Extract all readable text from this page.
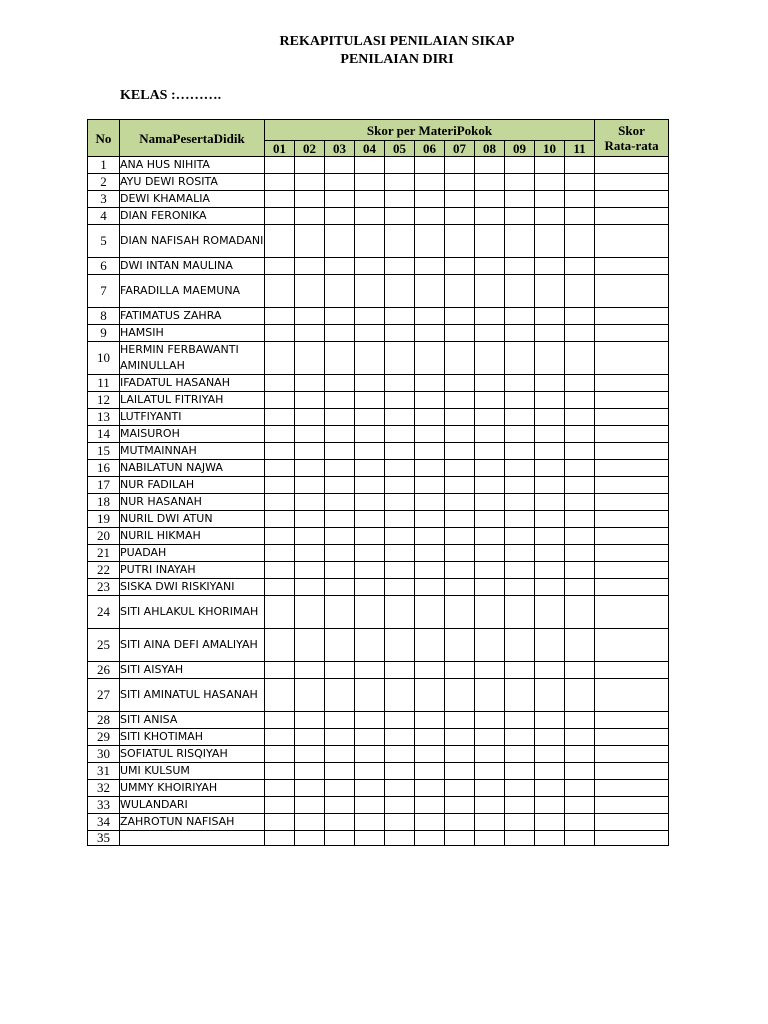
REKAPITULASI PENILAIAN SIKAP
PENILAIAN DIRI
KELAS :……….
No	NamaPesertaDidik	Skor per MateriPokok											Skor
Rata-rata
		01	02	03	04	05	06	07	08	09	10	11	
1	ANA HUS NIHITA												
2	AYU DEWI ROSITA												
3	DEWI KHAMALIA												
4	DIAN FERONIKA												
5	DIAN NAFISAH ROMADANI												
6	DWI INTAN MAULINA												
7	FARADILLA MAEMUNA												
8	FATIMATUS ZAHRA												
9	HAMSIH												
10	HERMIN FERBAWANTI AMINULLAH												
11	IFADATUL HASANAH												
12	LAILATUL FITRIYAH												
13	LUTFIYANTI												
14	MAISUROH												
15	MUTMAINNAH												
16	NABILATUN NAJWA												
17	NUR FADILAH												
18	NUR HASANAH												
19	NURIL DWI ATUN												
20	NURIL HIKMAH												
21	PUADAH												
22	PUTRI INAYAH												
23	SISKA DWI RISKIYANI												
24	SITI AHLAKUL KHORIMAH												
25	SITI AINA DEFI AMALIYAH												
26	SITI AISYAH												
27	SITI AMINATUL HASANAH												
28	SITI ANISA												
29	SITI KHOTIMAH												
30	SOFIATUL RISQIYAH												
31	UMI KULSUM												
32	UMMY KHOIRIYAH												
33	WULANDARI												
34	ZAHROTUN NAFISAH												
35													
